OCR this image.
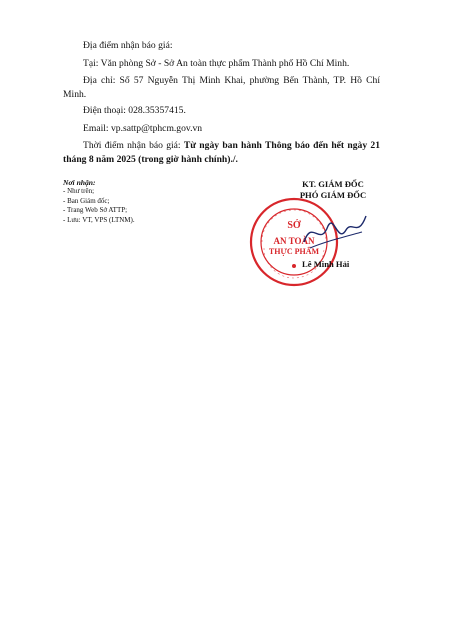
Địa điểm nhận báo giá:
Tại: Văn phòng Sở - Sở An toàn thực phẩm Thành phố Hồ Chí Minh.
Địa chỉ: Số 57 Nguyễn Thị Minh Khai, phường Bến Thành, TP. Hồ Chí Minh.
Điện thoại: 028.35357415.
Email: vp.sattp@tphcm.gov.vn
Thời điểm nhận báo giá: Từ ngày ban hành Thông báo đến hết ngày 21 tháng 8 năm 2025 (trong giờ hành chính)./.
Nơi nhận:
- Như trên;
- Ban Giám đốc;
- Trang Web Sở ATTP;
- Lưu: VT, VPS (LTNM).
KT. GIÁM ĐỐC
PHÓ GIÁM ĐỐC
SỞ
AN TOÀN
THỰC PHẨM
Lê Minh Hải
